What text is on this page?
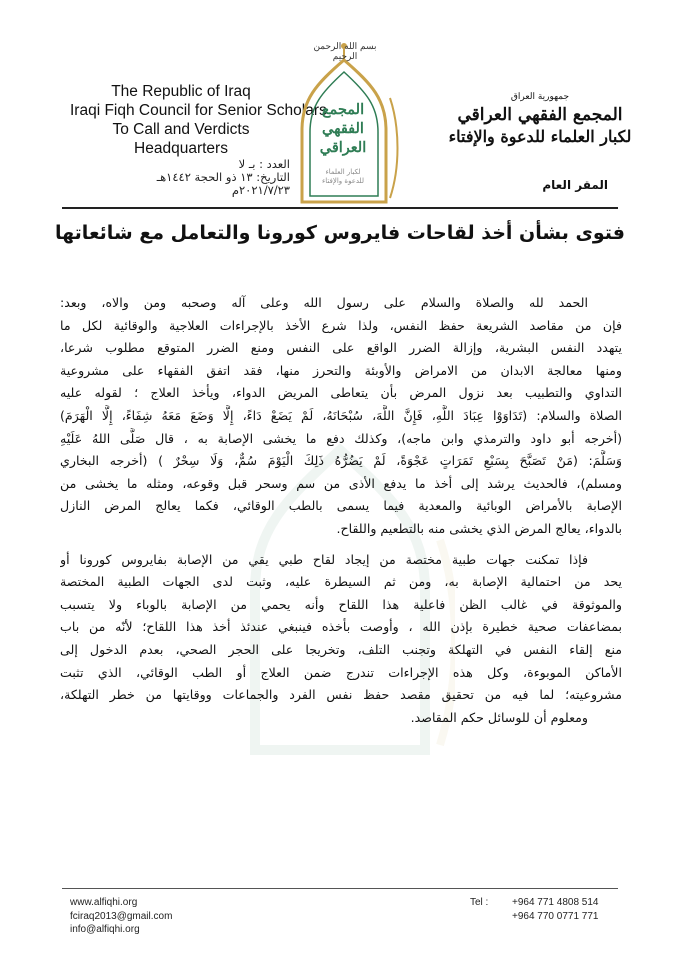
The Republic of Iraq
Iraqi Fiqh Council for Senior Scholars
To Call and Verdicts
Headquarters
العدد : بـ لا
التاريخ: ١٣ ذو الحجة ١٤٤٢هـ
٢٠٢١/٧/٢٣م
بسم الله الرحمن الرحيم
المجمع
الفقهي
العراقي
لكبار العلماء
للدعوة والإفتاء
جمهورية العراق
المجمع الفقهي العراقي
لكبار العلماء للدعوة والإفتاء
المقر العام
فتوى بشأن أخذ لقاحات فايروس كورونا والتعامل مع شائعاتها
الحمد لله والصلاة والسلام على رسول الله وعلى آله وصحبه ومن والاه، وبعد:
فإن من مقاصد الشريعة حفظ النفس، ولذا شرع الأخذ بالإجراءات العلاجية والوقائية لكل ما
يتهدد النفس البشرية، وإزالة الضرر الواقع على النفس ومنع الضرر المتوقع مطلوب شرعا،
ومنها معالجة الابدان من الامراض والأوبئة والتحرز منها، فقد اتفق الفقهاء على مشروعية
التداوي والتطبيب بعد نزول المرض بأن يتعاطى المريض الدواء، ويأخذ العلاج ؛ لقوله عليه
الصلاة والسلام: (تَدَاوَوْا عِبَادَ اللَّهِ، فَإِنَّ اللَّهَ، سُبْحَانَهُ، لَمْ يَضَعْ دَاءً، إِلَّا وَضَعَ مَعَهُ شِفَاءً، إِلَّا الْهَرَمَ)
(أخرجه أبو داود والترمذي وابن ماجه)، وكذلك دفع ما يخشى الإصابة به ، قال صَلَّى اللهُ عَلَيْهِ
وَسَلَّمَ: (مَنْ تَصَبَّحَ بِسَبْعِ تَمَرَاتٍ عَجْوَةً، لَمْ يَضُرُّهُ ذَلِكَ الْيَوْمَ سُمٌّ، وَلَا سِحْرٌ ) (أخرجه البخاري
ومسلم)، فالحديث يرشد إلى أخذ ما يدفع الأذى من سم وسحر قبل وقوعه، ومثله ما يخشى من
الإصابة بالأمراض الوبائية والمعدية فيما يسمى بالطب الوقائي، فكما يعالج المرض النازل
بالدواء، يعالج المرض الذي يخشى منه بالتطعيم واللقاح.
فإذا تمكنت جهات طبية مختصة من إيجاد لقاح طبي يقي من الإصابة بفايروس كورونا أو
يحد من احتمالية الإصابة به، ومن ثم السيطرة عليه، وثبت لدى الجهات الطبية المختصة
والموثوقة في غالب الظن فاعلية هذا اللقاح وأنه يحمي من الإصابة بالوباء ولا يتسبب
بمضاعفات صحية خطيرة بإذن الله ، وأوصت بأخذه فينبغي عندئذ أخذ هذا اللقاح؛ لأنّه من باب
منع إلقاء النفس في التهلكة وتجنب التلف، وتخريجا على الحجر الصحي، بعدم الدخول إلى
الأماكن الموبوءة، وكل هذه الإجراءات تندرج ضمن العلاج أو الطب الوقائي، الذي تثبت
مشروعيته؛ لما فيه من تحقيق مقصد حفظ نفس الفرد والجماعات ووقايتها من خطر التهلكة،
ومعلوم أن للوسائل حكم المقاصد.
www.alfiqhi.org
fciraq2013@gmail.com
info@alfiqhi.org
Tel :	+964 771 4808 514
+964 770 0771 771
